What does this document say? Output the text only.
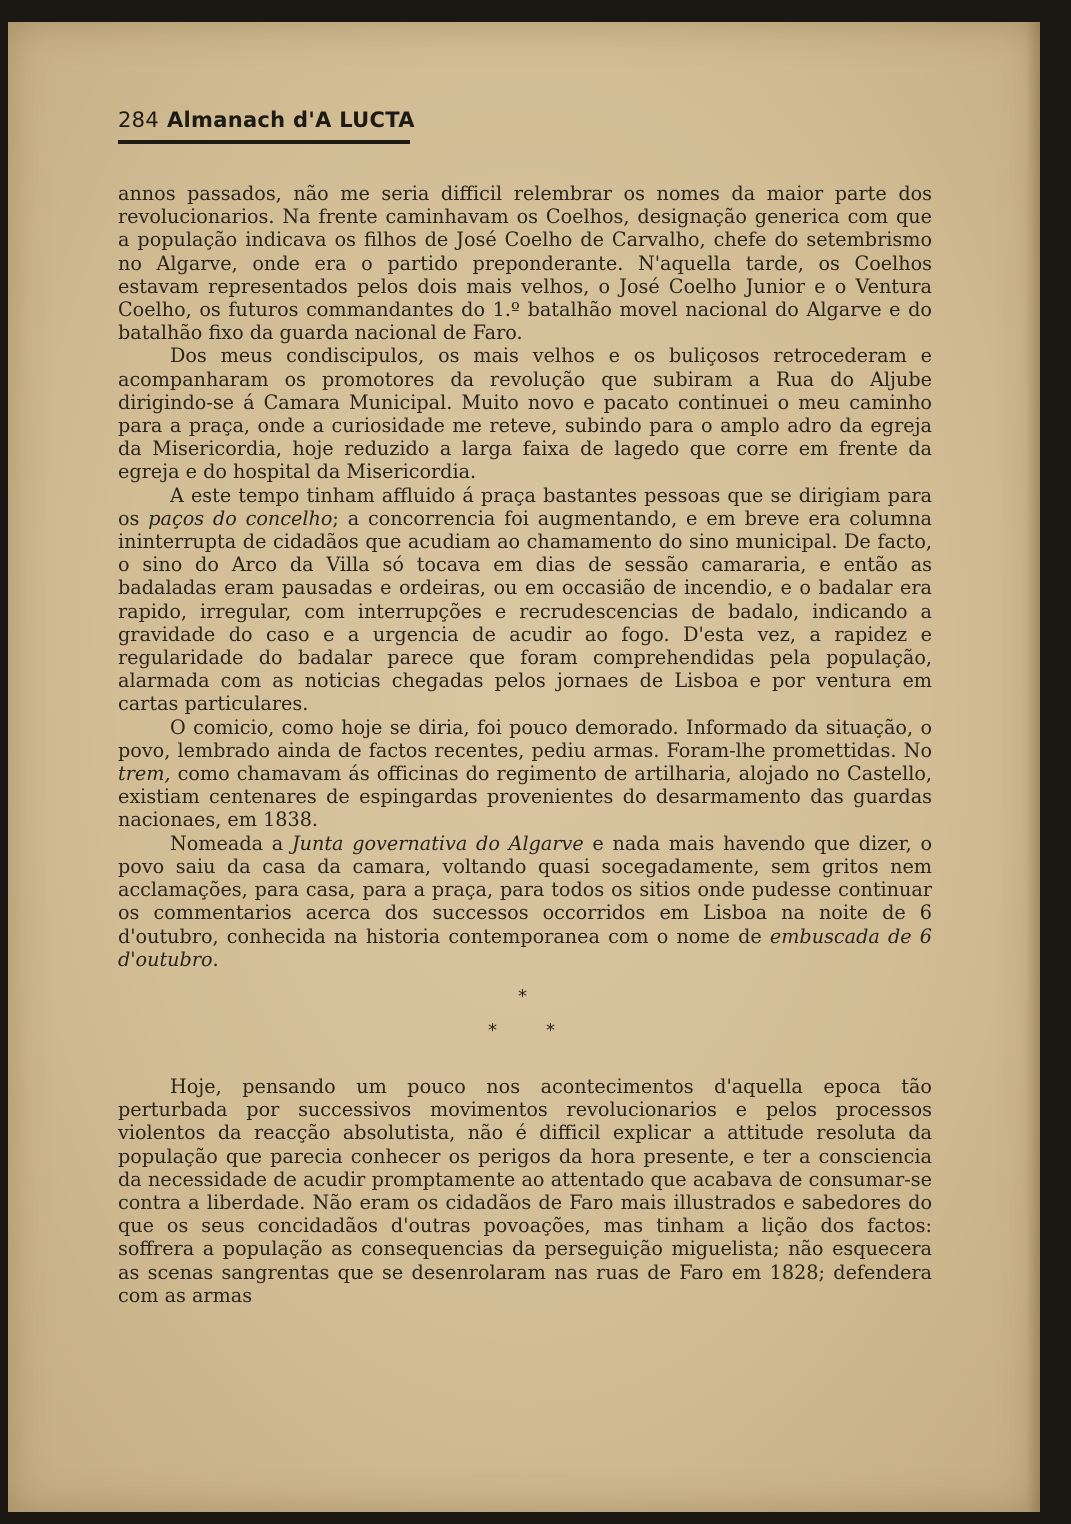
284 Almanach d'A LUCTA

annos passados, não me seria difficil relembrar os nomes da maior parte dos revolucionarios. Na frente caminhavam os Coelhos, designação generica com que a população indicava os filhos de José Coelho de Carvalho, chefe do setembrismo no Algarve, onde era o partido preponderante. N'aquella tarde, os Coelhos estavam representados pelos dois mais velhos, o José Coelho Junior e o Ventura Coelho, os futuros commandantes do 1.º batalhão movel nacional do Algarve e do batalhão fixo da guarda nacional de Faro.

Dos meus condiscipulos, os mais velhos e os buliçosos retrocederam e acompanharam os promotores da revolução que subiram a Rua do Aljube dirigindo-se á Camara Municipal. Muito novo e pacato continuei o meu caminho para a praça, onde a curiosidade me reteve, subindo para o amplo adro da egreja da Misericordia, hoje reduzido a larga faixa de lagedo que corre em frente da egreja e do hospital da Misericordia.

A este tempo tinham affluido á praça bastantes pessoas que se dirigiam para os paços do concelho; a concorrencia foi augmentando, e em breve era columna ininterrupta de cidadãos que acudiam ao chamamento do sino municipal. De facto, o sino do Arco da Villa só tocava em dias de sessão camararia, e então as badaladas eram pausadas e ordeiras, ou em occasião de incendio, e o badalar era rapido, irregular, com interrupções e recrudescencias de badalo, indicando a gravidade do caso e a urgencia de acudir ao fogo. D'esta vez, a rapidez e regularidade do badalar parece que foram comprehendidas pela população, alarmada com as noticias chegadas pelos jornaes de Lisboa e por ventura em cartas particulares.

O comicio, como hoje se diria, foi pouco demorado. Informado da situação, o povo, lembrado ainda de factos recentes, pediu armas. Foram-lhe promettidas. No trem, como chamavam ás officinas do regimento de artilharia, alojado no Castello, existiam centenares de espingardas provenientes do desarmamento das guardas nacionaes, em 1838.

Nomeada a Junta governativa do Algarve e nada mais havendo que dizer, o povo saiu da casa da camara, voltando quasi socegadamente, sem gritos nem acclamações, para casa, para a praça, para todos os sitios onde pudesse continuar os commentarios acerca dos successos occorridos em Lisboa na noite de 6 d'outubro, conhecida na historia contemporanea com o nome de embuscada de 6 d'outubro.

*
*	*

Hoje, pensando um pouco nos acontecimentos d'aquella epoca tão perturbada por successivos movimentos revolucionarios e pelos processos violentos da reacção absolutista, não é difficil explicar a attitude resoluta da população que parecia conhecer os perigos da hora presente, e ter a consciencia da necessidade de acudir promptamente ao attentado que acabava de consumar-se contra a liberdade. Não eram os cidadãos de Faro mais illustrados e sabedores do que os seus concidadãos d'outras povoações, mas tinham a lição dos factos: soffrera a população as consequencias da perseguição miguelista; não esquecera as scenas sangrentas que se desenrolaram nas ruas de Faro em 1828; defendera com as armas
